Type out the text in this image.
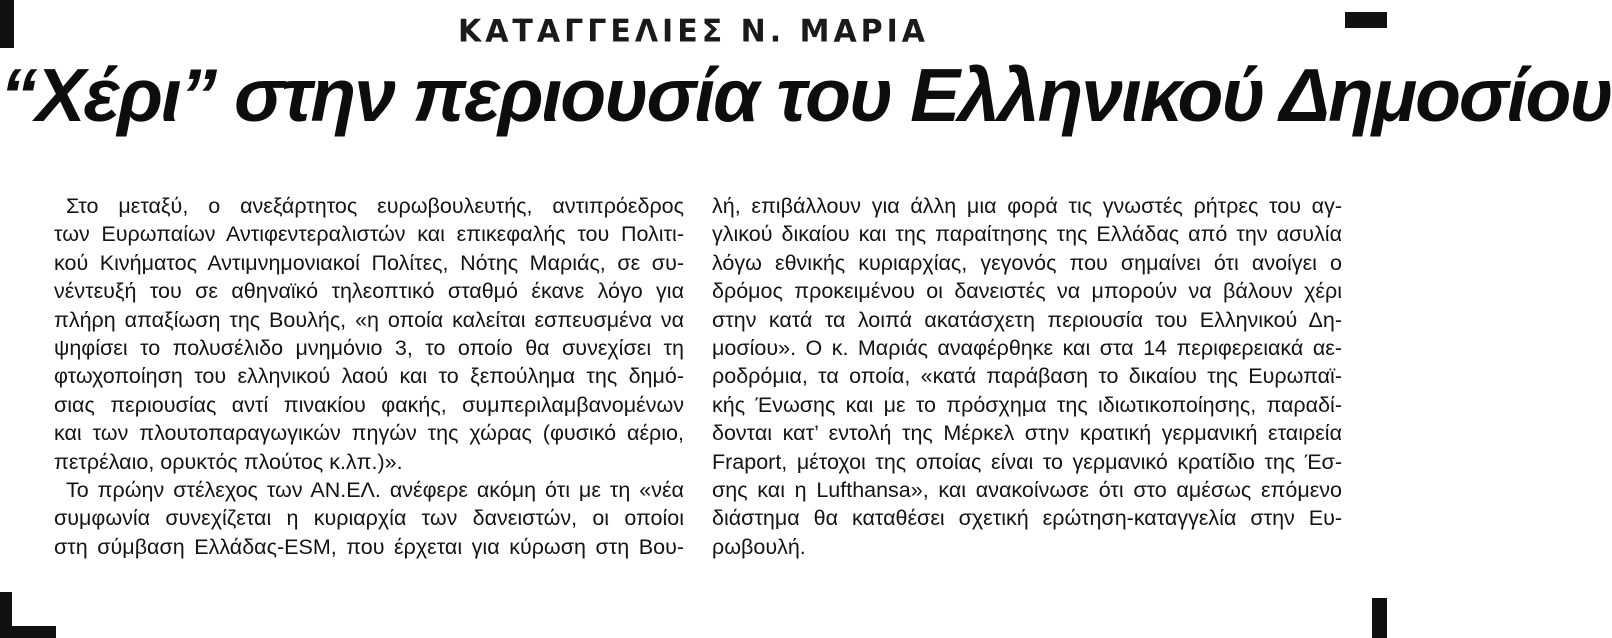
ΚΑΤΑΓΓΕΛΙΕΣ Ν. ΜΑΡΙΑ
“Χέρι” στην περιουσία του Ελληνικού Δημοσίου
Στο μεταξύ, ο ανεξάρτητος ευρωβουλευτής, αντιπρόεδρος
των Ευρωπαίων Αντιφεντεραλιστών και επικεφαλής του Πολιτι-
κού Κινήματος Αντιμνημονιακοί Πολίτες, Νότης Μαριάς, σε συ-
νέντευξή του σε αθηναϊκό τηλεοπτικό σταθμό έκανε λόγο για
πλήρη απαξίωση της Βουλής, «η οποία καλείται εσπευσμένα να
ψηφίσει το πολυσέλιδο μνημόνιο 3, το οποίο θα συνεχίσει τη
φτωχοποίηση του ελληνικού λαού και το ξεπούλημα της δημό-
σιας περιουσίας αντί πινακίου φακής, συμπεριλαμβανομένων
και των πλουτοπαραγωγικών πηγών της χώρας (φυσικό αέριο,
πετρέλαιο, ορυκτός πλούτος κ.λπ.)».
Το πρώην στέλεχος των ΑΝ.ΕΛ. ανέφερε ακόμη ότι με τη «νέα
συμφωνία συνεχίζεται η κυριαρχία των δανειστών, οι οποίοι
στη σύμβαση Ελλάδας-ESM, που έρχεται για κύρωση στη Βου-
λή, επιβάλλουν για άλλη μια φορά τις γνωστές ρήτρες του αγ-
γλικού δικαίου και της παραίτησης της Ελλάδας από την ασυλία
λόγω εθνικής κυριαρχίας, γεγονός που σημαίνει ότι ανοίγει ο
δρόμος προκειμένου οι δανειστές να μπορούν να βάλουν χέρι
στην κατά τα λοιπά ακατάσχετη περιουσία του Ελληνικού Δη-
μοσίου». Ο κ. Μαριάς αναφέρθηκε και στα 14 περιφερειακά αε-
ροδρόμια, τα οποία, «κατά παράβαση το δικαίου της Ευρωπαϊ-
κής Ένωσης και με το πρόσχημα της ιδιωτικοποίησης, παραδί-
δονται κατ’ εντολή της Μέρκελ στην κρατική γερμανική εταιρεία
Fraport, μέτοχοι της οποίας είναι το γερμανικό κρατίδιο της Έσ-
σης και η Lufthansa», και ανακοίνωσε ότι στο αμέσως επόμενο
διάστημα θα καταθέσει σχετική ερώτηση-καταγγελία στην Ευ-
ρωβουλή.
